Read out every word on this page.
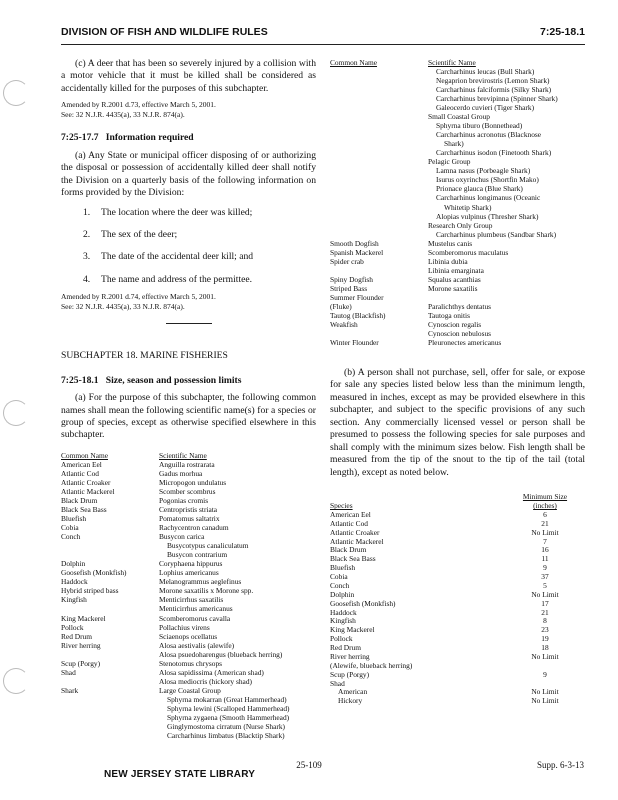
DIVISION OF FISH AND WILDLIFE RULES	7:25-18.1

(c) A deer that has been so severely injured by a collision with a motor vehicle that it must be killed shall be considered as accidentally killed for the purposes of this subchapter.

Amended by R.2001 d.73, effective March 5, 2001.
See: 32 N.J.R. 4435(a), 33 N.J.R. 874(a).
7:25-17.7 Information required

(a) Any State or municipal officer disposing of or authorizing the disposal or possession of accidentally killed deer shall notify the Division on a quarterly basis of the following information on forms provided by the Division:

1.	The location where the deer was killed;
2.	The sex of the deer;
3.	The date of the accidental deer kill; and
4.	The name and address of the permittee.
Amended by R.2001 d.74, effective March 5, 2001.
See: 32 N.J.R. 4435(a), 33 N.J.R. 874(a).
SUBCHAPTER 18. MARINE FISHERIES
7:25-18.1 Size, season and possession limits

(a) For the purpose of this subchapter, the following common names shall mean the following scientific name(s) for a species or group of species, except as otherwise specified elsewhere in this subchapter.

Common Name	Scientific Name
American Eel	Anguilla rostrarata
Atlantic Cod	Gadus morhua
Atlantic Croaker	Micropogon undulatus
Atlantic Mackerel	Scomber scombrus
Black Drum	Pogonias cromis
Black Sea Bass	Centropristis striata
Bluefish	Pomatomus saltatrix
Cobia	Rachycentron canadum
Conch	Busycon carica
	Busycotypus canaliculatum
	Busycon contrarium
Dolphin	Coryphaena hippurus
Goosefish (Monkfish)	Lophius americanus
Haddock	Melanogrammus aeglefinus
Hybrid striped bass	Morone saxatilis x Morone spp.
Kingfish	Menticirrhus saxatilis
	Menticirrhus americanus
King Mackerel	Scomberomorus cavalla
Pollock	Pollachius virens
Red Drum	Sciaenops ocellatus
River herring	Alosa aestivalis (alewife)
	Alosa psuedoharengus (blueback herring)
Scup (Porgy)	Stenotomus chrysops
Shad	Alosa sapidissima (American shad)
	Alosa mediocris (hickory shad)
Shark	Large Coastal Group
	Sphyrna mokarran (Great Hammerhead)
	Sphyrna lewini (Scalloped Hammerhead)
	Sphyrna zygaena (Smooth Hammerhead)
	Ginglymostoma cirratum (Nurse Shark)
	Carcharhinus limbatus (Blacktip Shark)
Common Name	Scientific Name
	Carcharhinus leucas (Bull Shark)
	Negaprion brevirostris (Lemon Shark)
	Carcharhinus falciformis (Silky Shark)
	Carcharhinus brevipinna (Spinner Shark)
	Galeocerdo cuvieri (Tiger Shark)
	Small Coastal Group
	Sphyrna tiburo (Bonnethead)
	Carcharhinus acronotus (Blacknose
	Shark)
	Carcharhinus isodon (Finetooth Shark)
	Pelagic Group
	Lamna nasus (Porbeagle Shark)
	Isurus oxyrinchus (Shortfin Mako)
	Prionace glauca (Blue Shark)
	Carcharhinus longimanus (Oceanic
	Whitetip Shark)
	Alopias vulpinus (Thresher Shark)
	Research Only Group
	Carcharhinus plumbeus (Sandbar Shark)
Smooth Dogfish	Mustelus canis
Spanish Mackerel	Scomberomorus maculatus
Spider crab	Libinia dubia
	Libinia emarginata
Spiny Dogfish	Squalus acanthias
Striped Bass	Morone saxatilis
Summer Flounder	
(Fluke)	Paralichthys dentatus
Tautog (Blackfish)	Tautoga onitis
Weakfish	Cynoscion regalis
	Cynoscion nebulosus
Winter Flounder	Pleuronectes americanus

(b) A person shall not purchase, sell, offer for sale, or expose for sale any species listed below less than the minimum length, measured in inches, except as may be provided elsewhere in this subchapter, and subject to the specific provisions of any such section. Any commercially licensed vessel or person shall be presumed to possess the following species for sale purposes and shall comply with the minimum sizes below. Fish length shall be measured from the tip of the snout to the tip of the tail (total length), except as noted below.

	Minimum Size
Species	(inches)
American Eel	6
Atlantic Cod	21
Atlantic Croaker	No Limit
Atlantic Mackerel	7
Black Drum	16
Black Sea Bass	11
Bluefish	9
Cobia	37
Conch	5
Dolphin	No Limit
Goosefish (Monkfish)	17
Haddock	21
Kingfish	8
King Mackerel	23
Pollock	19
Red Drum	18
River herring	No Limit
(Alewife, blueback herring)	
Scup (Porgy)	9
Shad	
American	No Limit
Hickory	No Limit
25-109	Supp. 6-3-13
NEW JERSEY STATE LIBRARY
